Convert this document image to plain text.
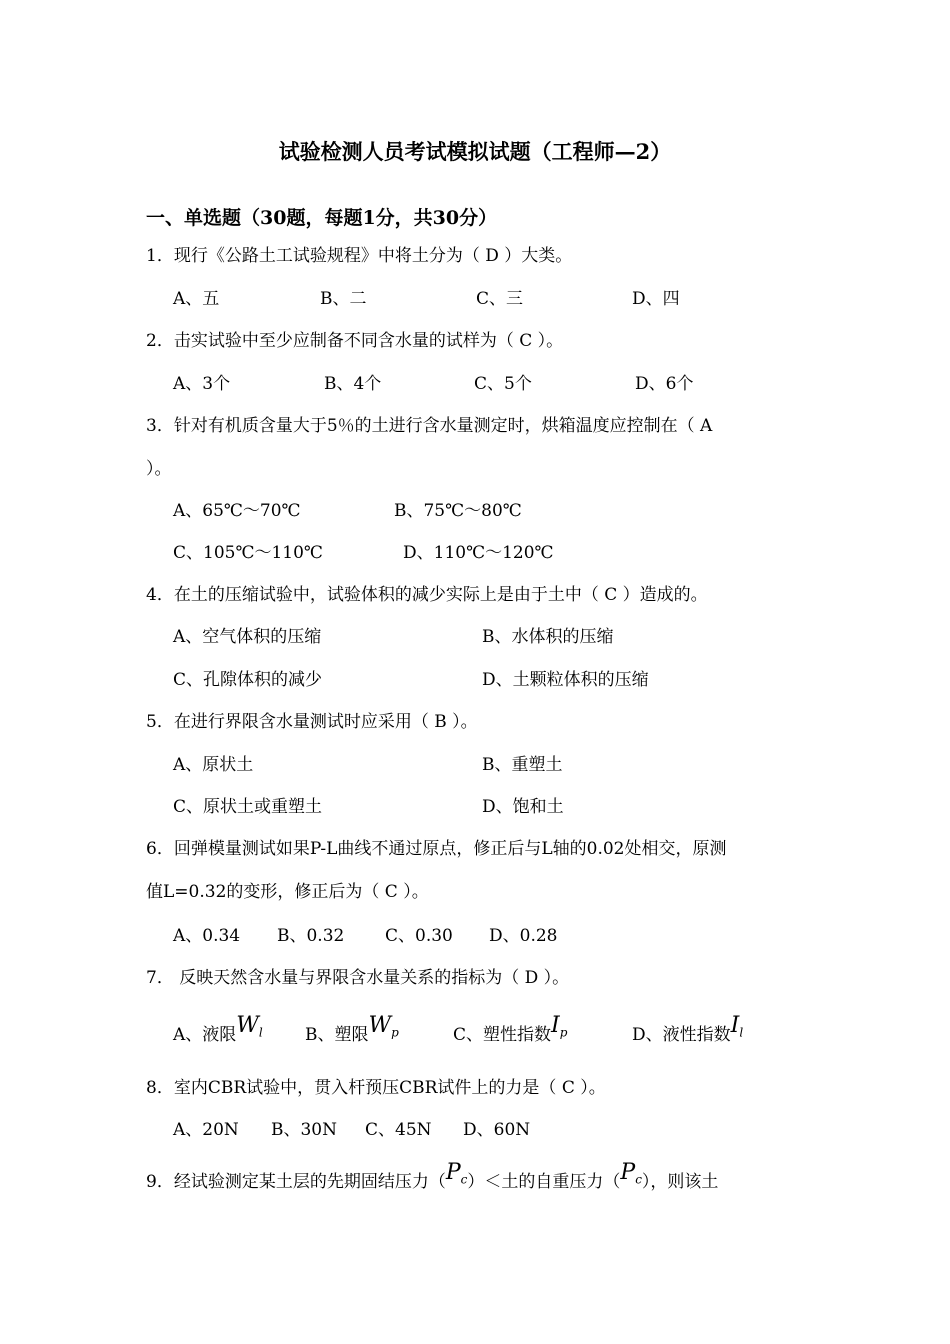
试验检测人员考试模拟试题（工程师—2）
一、单选题（30题，每题1分，共30分）
1．现行《公路土工试验规程》中将土分为（ D ）大类。
A、五	B、二	C、三	D、四
2．击实试验中至少应制备不同含水量的试样为（ C ）。
A、3个	B、4个	C、5个	D、6个
3．针对有机质含量大于5％的土进行含水量测定时，烘箱温度应控制在（ A
）。
A、65℃～70℃	B、75℃～80℃
C、105℃～110℃	D、110℃～120℃
4．在土的压缩试验中，试验体积的减少实际上是由于土中（ C ）造成的。
A、空气体积的压缩	B、水体积的压缩
C、孔隙体积的减少	D、土颗粒体积的压缩
5．在进行界限含水量测试时应采用（ B ）。
A、原状土	B、重塑土
C、原状土或重塑土	D、饱和土
6．回弹模量测试如果P-L曲线不通过原点，修正后与L轴的0.02处相交，原测
值L=0.32的变形，修正后为（ C ）。
A、0.34 B、0.32 C、0.30 D、0.28
7． 反映天然含水量与界限含水量关系的指标为（ D ）。
A、液限$W_l$ B、塑限$W_p$	C、塑性指数$I_p$	D、液性指数$I_l$
8．室内CBR试验中，贯入杆预压CBR试件上的力是（ C ）。
A、20N B、30N C、45N D、60N
9．经试验测定某土层的先期固结压力$(P_c)<$土的自重压力$(P_c)$，则该土
